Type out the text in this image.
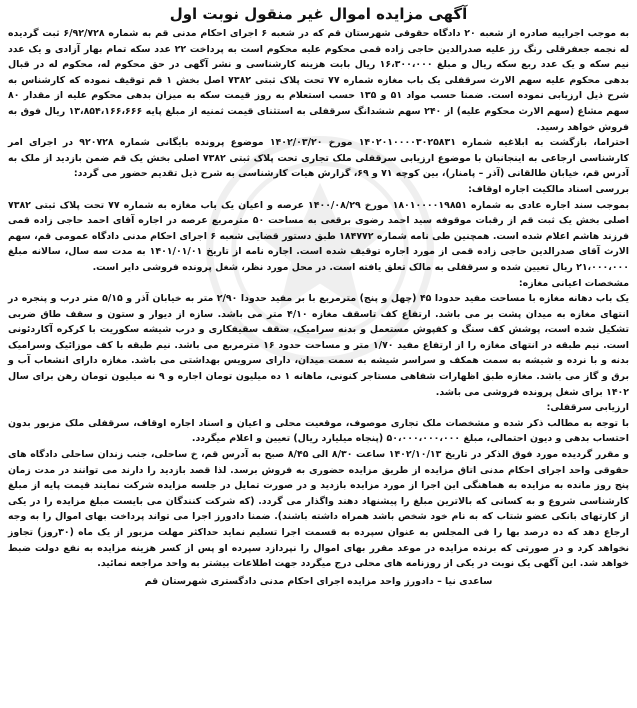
آگهی مزایده اموال غیر منقول نوبت اول

به موجب اجراییه صادره از شعبه ۲۰ دادگاه حقوقی شهرستان قم که در شعبه ۶ اجرای احکام مدنی قم به شماره ۶/۹۲/۷۲۸ ثبت گردیده له نجمه جعفرقلی رنگ رز علیه صدرالدین حاجی زاده قمی محکوم علیه محکوم است به پرداخت ۲۲ عدد سکه تمام بهار آزادی و یک عدد نیم سکه و یک عدد ربع سکه ریال و مبلغ ۱۶،۳۰۰،۰۰۰ ریال بابت هزینه کارشناسی و نشر آگهی در حق محکوم له، محکوم له در قبال بدهی محکوم علیه سهم الارث سرقفلی یک باب مغازه شماره ۷۷ تحت پلاک ثبتی ۷۳۸۲ اصل بخش ۱ قم توقیف نموده که کارشناس به شرح ذیل ارزیابی نموده است. ضمنا حسب مواد ۵۱ و ۱۳۵ حسب استعلام به روز قیمت سکه به میزان بدهی محکوم علیه از مقدار ۸۰ سهم مشاع (سهم الارث محکوم علیه) از ۲۴۰ سهم ششدانگ سرقفلی به استثنای قیمت ثمنیه از مبلغ پایه ۱۳،۸۵۴،۱۶۶،۶۶۶ ریال فوق به فروش خواهد رسید.

احتراما، بازگشت به ابلاغیه شماره ۱۴۰۲۰۱۰۰۰۰۳۰۲۵۸۳۱ مورخ ۱۴۰۲/۰۳/۲۰ موضوع پرونده بایگانی شماره ۹۲۰۷۲۸ در اجرای امر کارشناسی ارجاعی به اینجانبان با موضوع ارزیابی سرقفلی ملک تجاری تحت پلاک ثبتی ۷۳۸۲ اصلی بخش یک قم ضمن بازدید از ملک به آدرس قم، خیابان طالقانی (آذر – پامنار)، بین کوچه ۷۱ و ۶۹، گزارش هیات کارشناسی به شرح ذیل تقدیم حضور می گردد:

بررسی اسناد مالکیت اجاره اوقاف:

بموجب سند اجاره عادی به شماره ۱۸۰۱۰۰۰۰۱۹۸۵۱ مورخ ۱۴۰۰/۰۸/۲۹ عرصه و اعیان یک باب مغازه به شماره ۷۷ تحت پلاک ثبتی ۷۳۸۲ اصلی بخش یک ثبت قم از رقبات موقوفه سید احمد رضوی برقعی به مساحت ۵۰ مترمربع عرصه در اجاره آقای احمد حاجی زاده قمی فرزند هاشم اعلام شده است. همچنین طی نامه شماره ۱۸۴۷۷۲ طبق دستور قضایی شعبه ۶ اجرای احکام مدنی دادگاه عمومی قم، سهم الارث آقای صدرالدین حاجی زاده قمی از مورد اجاره توقیف شده است. اجاره نامه از تاریخ ۱۴۰۱/۰۱/۰۱ به مدت سه سال، سالانه مبلغ ۲۱،۰۰۰،۰۰۰ ریال تعیین شده و سرقفلی به مالک تعلق یافته است. در محل مورد نظر، شغل پرونده فروشی دایر است.

مشخصات اعیانی مغازه:

یک باب دهانه مغازه با مساحت مفید حدودا ۴۵ (چهل و پنج) مترمربع با بر مفید حدودا ۲/۹۰ متر به خیابان آذر و ۵/۱۵ متر درب و پنجره در انتهای مغازه به میدان پشت بر می باشد. ارتفاع کف تاسقف مغازه ۴/۱۰ متر می باشد. سازه از دیوار و ستون و سقف طاق ضربی تشکیل شده است، پوشش کف سنگ و کفپوش مستعمل و بدنه سرامیک، سقف سقیفکاری و درب شیشه سکوریت با کرکره آکاردئونی است. نیم طبقه در انتهای مغازه را از ارتفاع مفید ۱/۷۰ متر و مساحت حدود ۱۶ مترمربع می باشد. نیم طبقه با کف موزائیک وسرامیک بدنه و با نرده و شیشه به سمت همکف و سراسر شیشه به سمت میدان، دارای سرویس بهداشتی می باشد. مغازه دارای انشعاب آب و برق و گاز می باشد. مغازه طبق اظهارات شفاهی مستاجر کنونی، ماهانه ۱ ده میلیون تومان اجاره و ۹ نه میلیون تومان رهن برای سال ۱۴۰۲ برای شغل پرونده فروشی می باشد.

ارزیابی سرقفلی:

با توجه به مطالب ذکر شده و مشخصات ملک تجاری موصوف، موقعیت محلی و اعیان و اسناد اجاره اوقاف، سرقفلی ملک مزبور بدون احتساب بدهی و دیون احتمالی، مبلغ ۵۰،۰۰۰،۰۰۰،۰۰۰ (پنجاه میلیارد ریال) تعیین و اعلام میگردد.

و مقرر گردیده مورد فوق الذکر در تاریخ ۱۴۰۲/۱۰/۱۳ ساعت ۸/۳۰ الی ۸/۴۵ صبح به آدرس قم، خ ساحلی، جنب زندان ساحلی دادگاه های حقوقی واحد اجرای احکام مدنی اتاق مزایده از طریق مزایده حضوری به فروش برسد. لذا قصد بازدید را دارند می توانند در مدت زمان پنج روز مانده به مزایده به هماهنگی این اجرا از مورد مزایده بازدید و در صورت تمایل در جلسه مزایده شرکت نمایند قیمت پایه از مبلغ کارشناسی شروع و به کسانی که بالاترین مبلغ را پیشنهاد دهند واگذار می گردد. (که شرکت کنندگان می بایست مبلغ مزایده را در یکی از کارتهای بانکی عضو شتاب که به نام خود شخص باشد همراه داشته باشند). ضمنا دادورز اجرا می تواند پرداخت بهای اموال را به وجه ارجاع دهد که ده درصد بها را فی المجلس به عنوان سپرده به قسمت اجرا تسلیم نماید حداکثر مهلت مزبور از یک ماه (۳۰روز) تجاوز نخواهد کرد و در صورتی که برنده مزایده در موعد مقرر بهای اموال را نپردازد سپرده او پس از کسر هزینه مزایده به نفع دولت ضبط خواهد شد. این آگهی یک نوبت در یکی از روزنامه های محلی درج میگردد جهت اطلاعات بیشتر به واحد مراجعه نمائید.

ساعدی نیا – دادورز واحد مزایده اجرای احکام مدنی دادگستری شهرستان قم
